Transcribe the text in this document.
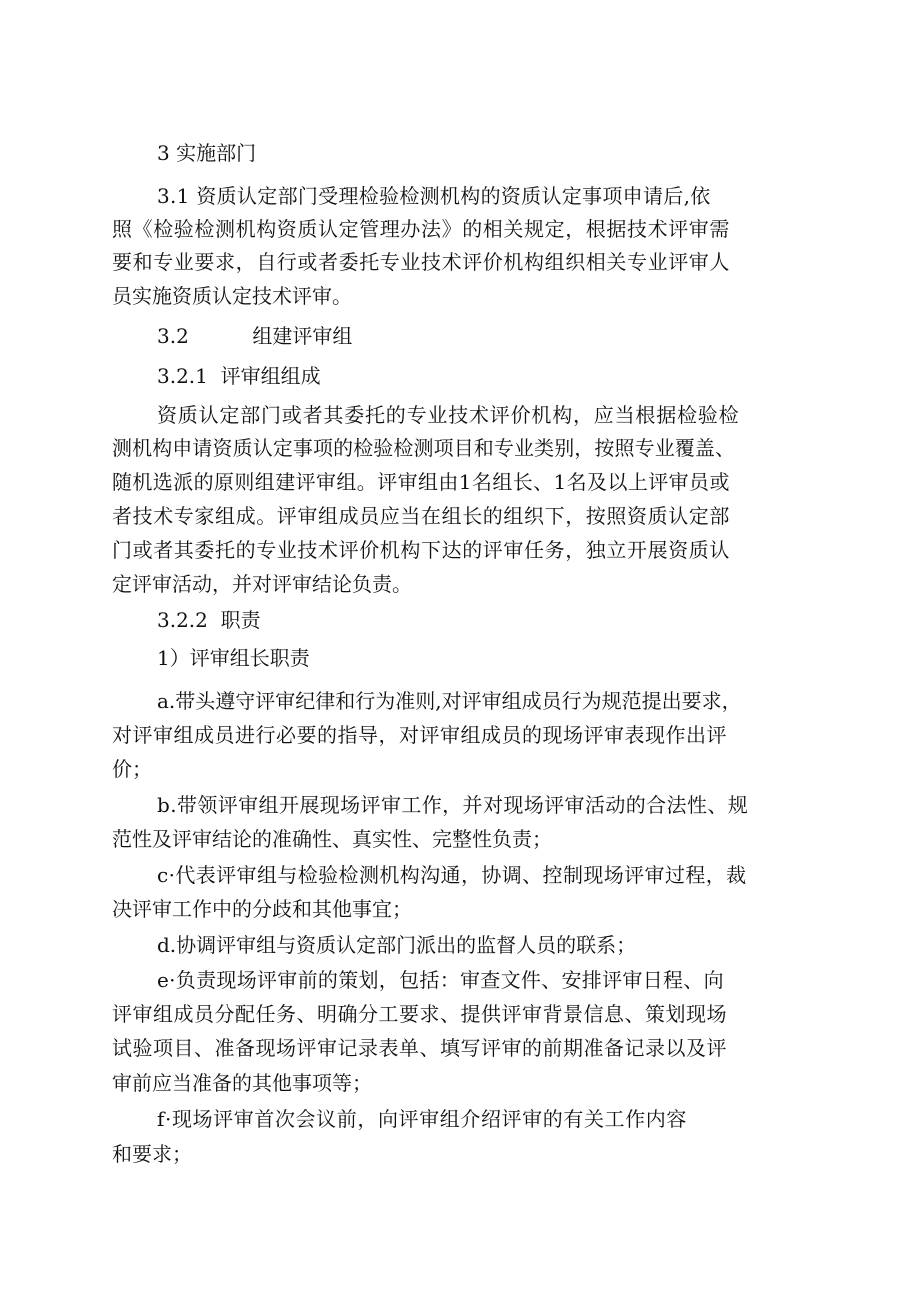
3 实施部门

3.1 资质认定部门受理检验检测机构的资质认定事项申请后,依

照《检验检测机构资质认定管理办法》的相关规定，根据技术评审需

要和专业要求，自行或者委托专业技术评价机构组织相关专业评审人

员实施资质认定技术评审。

3.2          组建评审组

3.2.1  评审组组成

资质认定部门或者其委托的专业技术评价机构，应当根据检验检

测机构申请资质认定事项的检验检测项目和专业类别，按照专业覆盖、

随机选派的原则组建评审组。评审组由1名组长、1名及以上评审员或

者技术专家组成。评审组成员应当在组长的组织下，按照资质认定部

门或者其委托的专业技术评价机构下达的评审任务，独立开展资质认

定评审活动，并对评审结论负责。

3.2.2  职责

1）评审组长职责

a.带头遵守评审纪律和行为准则,对评审组成员行为规范提出要求，

对评审组成员进行必要的指导，对评审组成员的现场评审表现作出评

价；

b.带领评审组开展现场评审工作，并对现场评审活动的合法性、规

范性及评审结论的准确性、真实性、完整性负责；

c·代表评审组与检验检测机构沟通，协调、控制现场评审过程，裁

决评审工作中的分歧和其他事宜；

d.协调评审组与资质认定部门派出的监督人员的联系；

e·负责现场评审前的策划，包括：审查文件、安排评审日程、向

评审组成员分配任务、明确分工要求、提供评审背景信息、策划现场

试验项目、准备现场评审记录表单、填写评审的前期准备记录以及评

审前应当准备的其他事项等；

f·现场评审首次会议前，向评审组介绍评审的有关工作内容

和要求；
